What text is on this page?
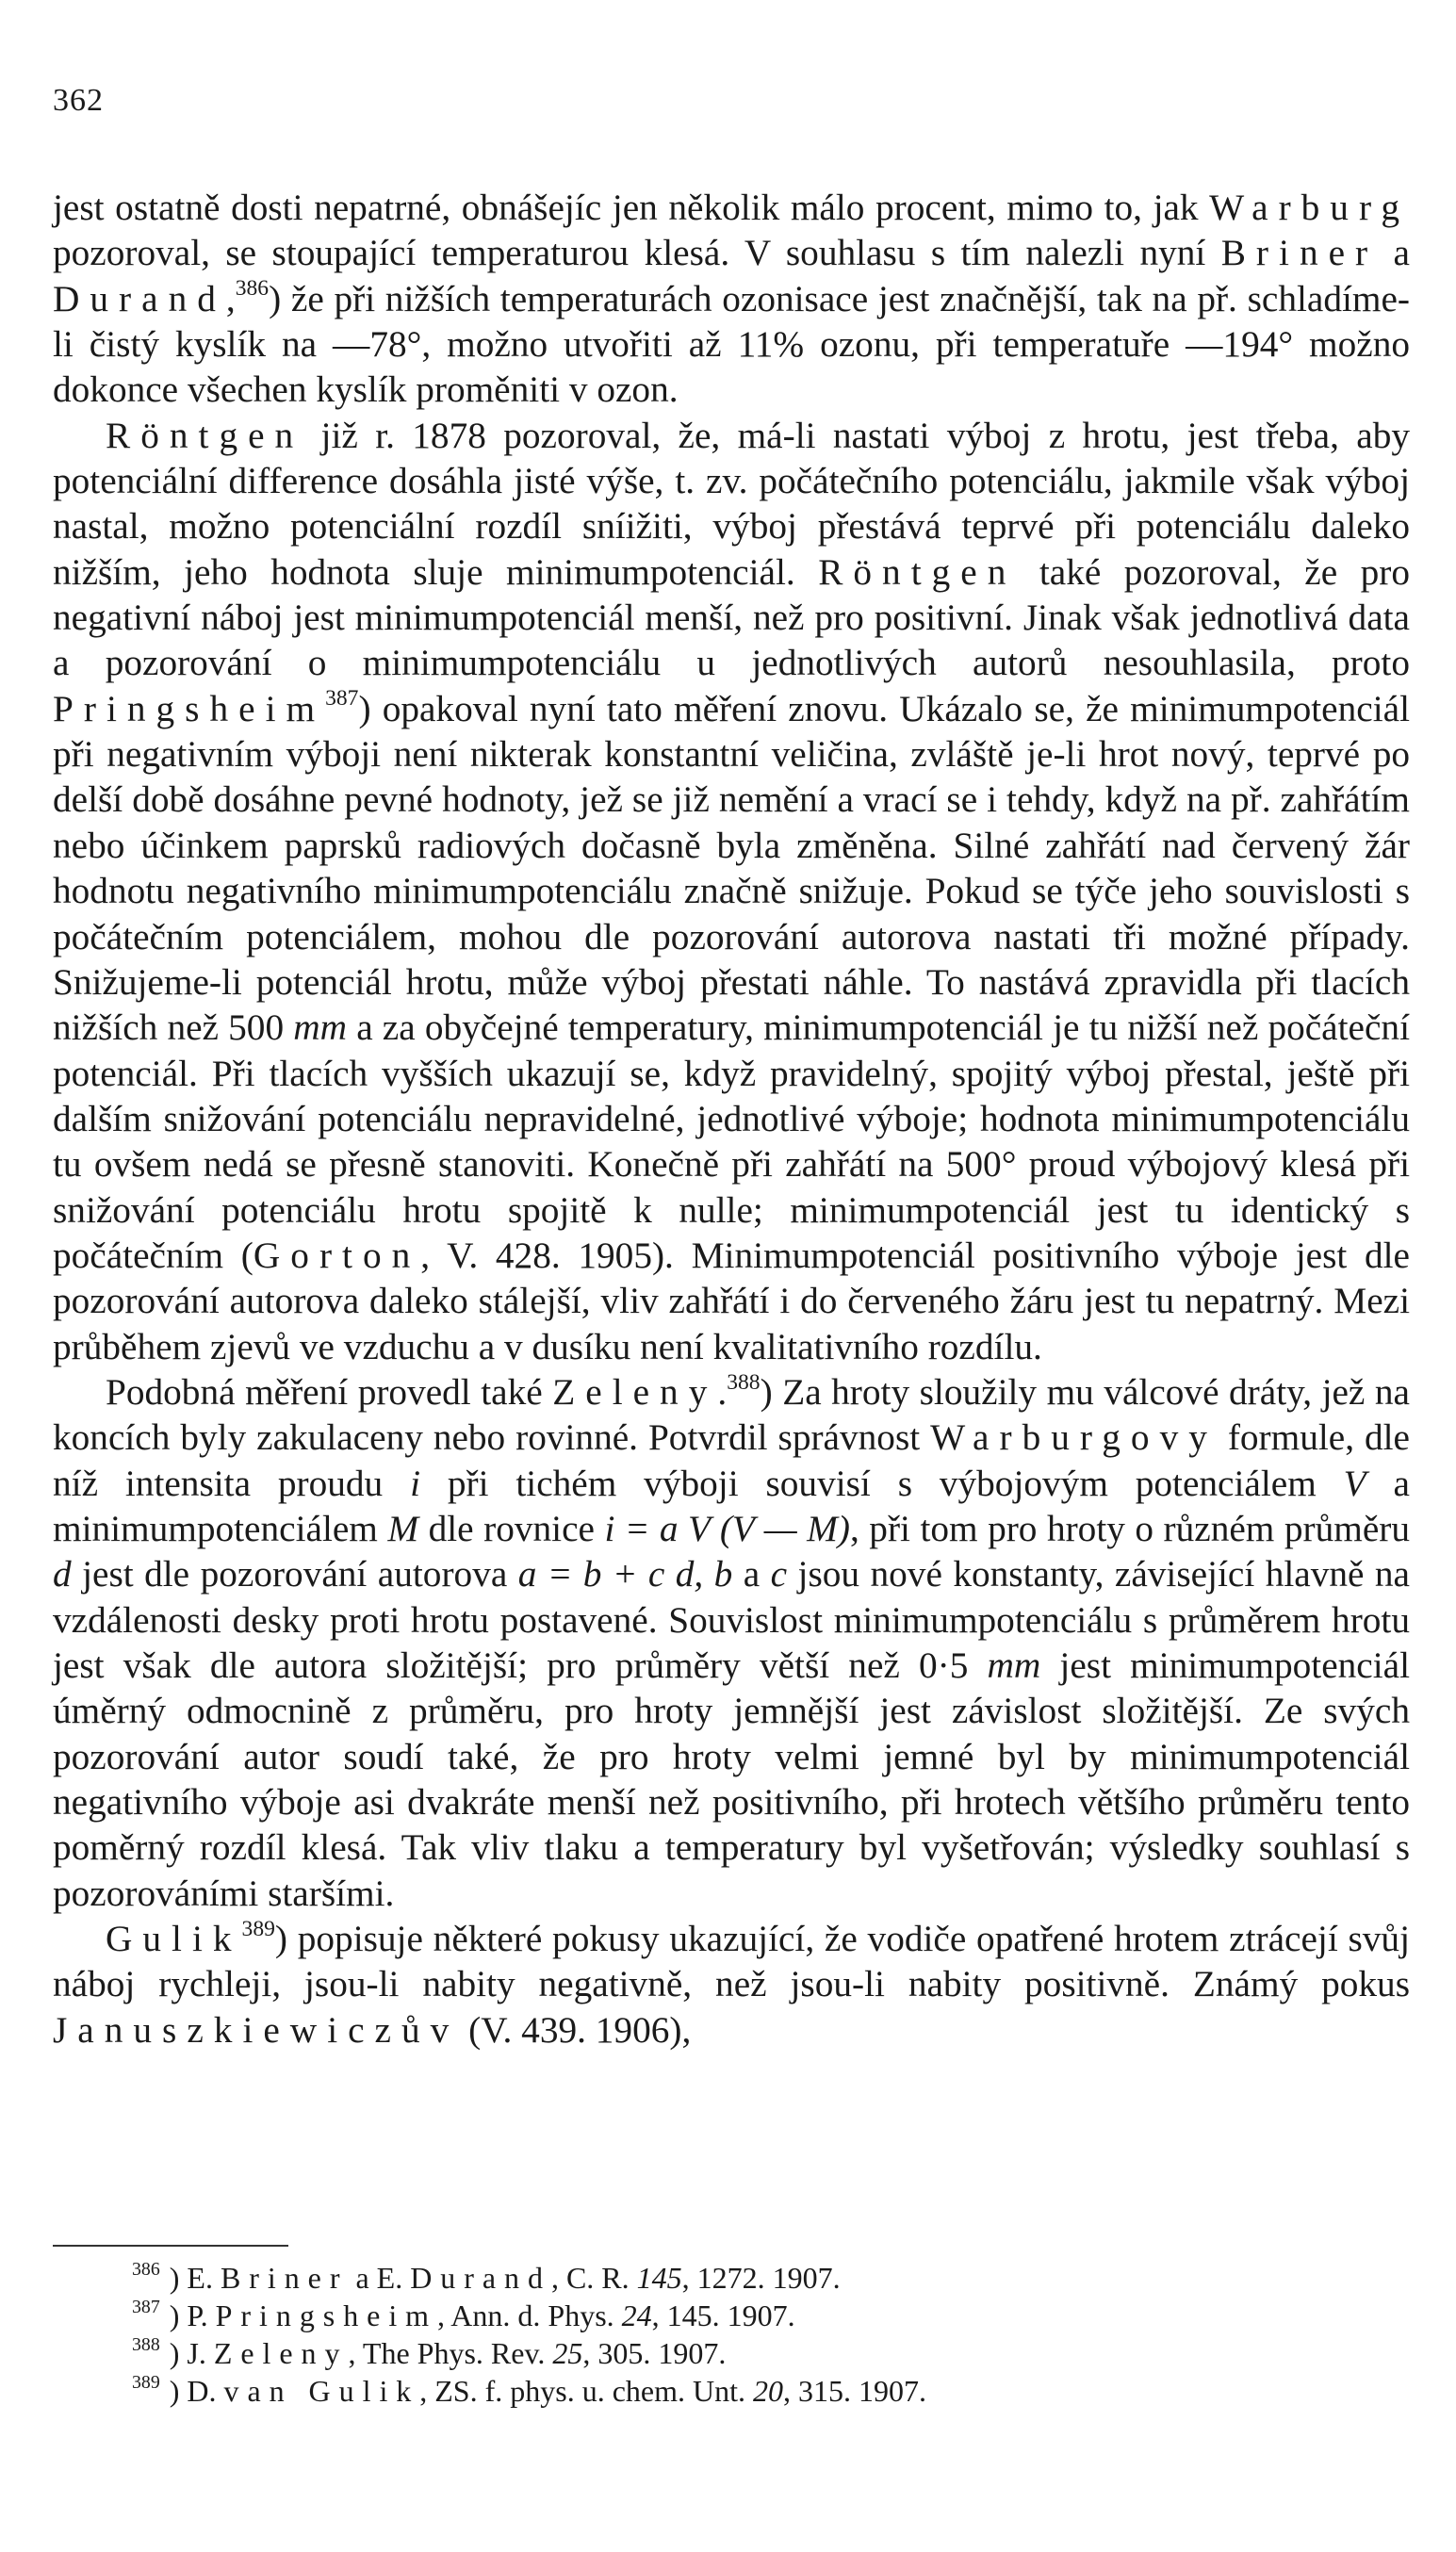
362

jest ostatně dosti nepatrné, obnášejíc jen několik málo procent, mimo to, jak Warburg pozoroval, se stoupající temperaturou klesá. V souhlasu s tím nalezli nyní Briner a Durand,$^{386}$) že při nižších temperaturách ozonisace jest značnější, tak na př. schladíme-li čistý kyslík na —78°, možno utvořiti až 11% ozonu, při temperatuře —194° možno dokonce všechen kyslík proměniti v ozon.

Röntgen již r. 1878 pozoroval, že, má-li nastati výboj z hrotu, jest třeba, aby potenciální difference dosáhla jisté výše, t. zv. počátečního potenciálu, jakmile však výboj nastal, možno potenciální rozdíl sníižiti, výboj přestává teprvé při potenciálu daleko nižším, jeho hodnota sluje minimumpotenciál. Röntgen také pozoroval, že pro negativní náboj jest minimumpotenciál menší, než pro positivní. Jinak však jednotlivá data a pozorování o minimumpotenciálu u jednotlivých autorů nesouhlasila, proto Pringsheim$^{387}$) opakoval nyní tato měření znovu. Ukázalo se, že minimumpotenciál při negativním výboji není nikterak konstantní veličina, zvláště je-li hrot nový, teprvé po delší době dosáhne pevné hodnoty, jež se již nemění a vrací se i tehdy, když na př. zahřátím nebo účinkem paprsků radiových dočasně byla změněna. Silné zahřátí nad červený žár hodnotu negativního minimumpotenciálu značně snižuje. Pokud se týče jeho souvislosti s počátečním potenciálem, mohou dle pozorování autorova nastati tři možné případy. Snižujeme-li potenciál hrotu, může výboj přestati náhle. To nastává zpravidla při tlacích nižších než 500 mm a za obyčejné temperatury, minimumpotenciál je tu nižší než počáteční potenciál. Při tlacích vyšších ukazují se, když pravidelný, spojitý výboj přestal, ještě při dalším snižování potenciálu nepravidelné, jednotlivé výboje; hodnota minimumpotenciálu tu ovšem nedá se přesně stanoviti. Konečně při zahřátí na 500° proud výbojový klesá při snižování potenciálu hrotu spojitě k nulle; minimumpotenciál jest tu identický s počátečním (Gorton, V. 428. 1905). Minimumpotenciál positivního výboje jest dle pozorování autorova daleko stálejší, vliv zahřátí i do červeného žáru jest tu nepatrný. Mezi průběhem zjevů ve vzduchu a v dusíku není kvalitativního rozdílu.

Podobná měření provedl také Zeleny.$^{388}$) Za hroty sloužily mu válcové dráty, jež na koncích byly zakulaceny nebo rovinné. Potvrdil správnost Warburgovy formule, dle níž intensita proudu i při tichém výboji souvisí s výbojovým potenciálem V a minimumpotenciálem M dle rovnice i = a V (V — M), při tom pro hroty o různém průměru d jest dle pozorování autorova a = b + c d, b a c jsou nové konstanty, závisející hlavně na vzdálenosti desky proti hrotu postavené. Souvislost minimumpotenciálu s průměrem hrotu jest však dle autora složitější; pro průměry větší než 0·5 mm jest minimumpotenciál úměrný odmocnině z průměru, pro hroty jemnější jest závislost složitější. Ze svých pozorování autor soudí také, že pro hroty velmi jemné byl by minimumpotenciál negativního výboje asi dvakráte menší než positivního, při hrotech většího průměru tento poměrný rozdíl klesá. Tak vliv tlaku a temperatury byl vyšetřován; výsledky souhlasí s pozorováními staršími.

Gulik$^{389}$) popisuje některé pokusy ukazující, že vodiče opatřené hrotem ztrácejí svůj náboj rychleji, jsou-li nabity negativně, než jsou-li nabity positivně. Známý pokus Januszkiewiczův (V. 439. 1906),

$^{386}$ ) E. Briner a E. Durand, C. R. 145, 1272. 1907.
$^{387}$ ) P. Pringsheim, Ann. d. Phys. 24, 145. 1907.
$^{388}$ ) J. Zeleny, The Phys. Rev. 25, 305. 1907.
$^{389}$ ) D. van Gulik, ZS. f. phys. u. chem. Unt. 20, 315. 1907.
